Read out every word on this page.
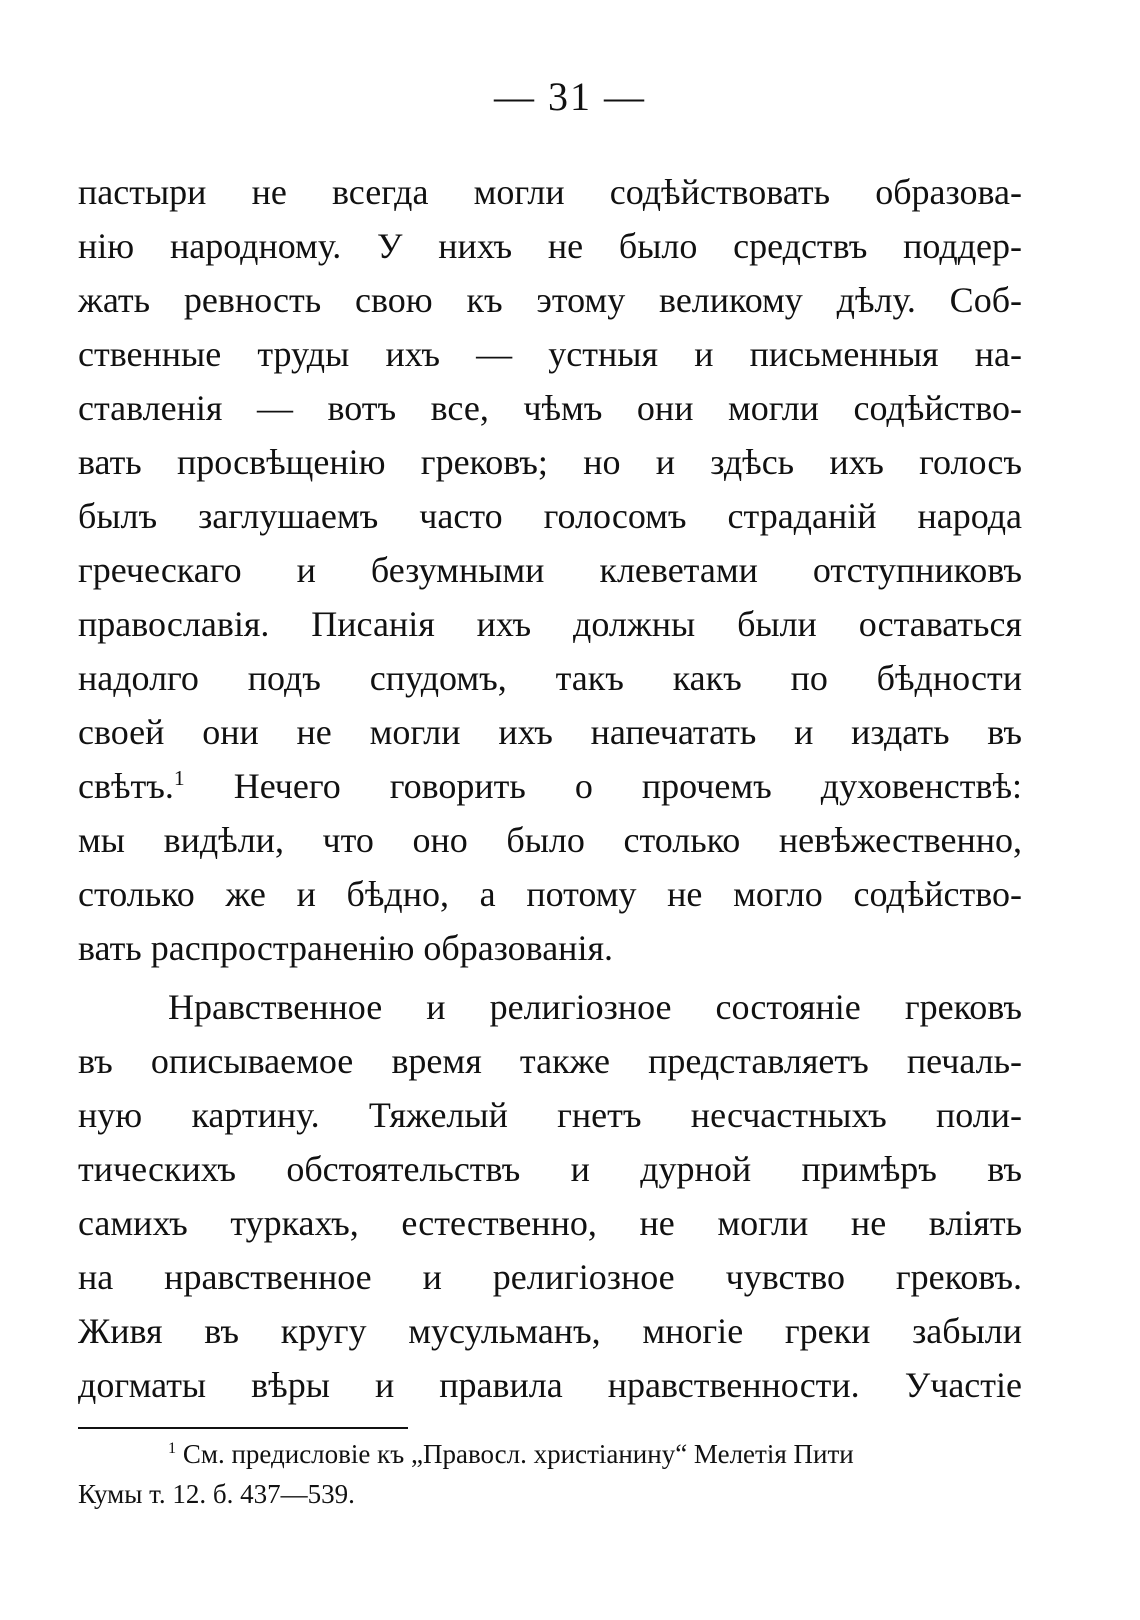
— 31 —
пастыри не всегда могли содѣйствовать образова-
нію народному. У нихъ не было средствъ поддер-
жать ревность свою къ этому великому дѣлу. Соб-
ственные труды ихъ — устныя и письменныя на-
ставленія — вотъ все, чѣмъ они могли содѣйство-
вать просвѣщенію грековъ; но и здѣсь ихъ голосъ
былъ заглушаемъ часто голосомъ страданій народа
греческаго и безумными клеветами отступниковъ
православія. Писанія ихъ должны были оставаться
надолго подъ спудомъ, такъ какъ по бѣдности
своей они не могли ихъ напечатать и издать въ
свѣтъ.$^1$ Нечего говорить о прочемъ духовенствѣ:
мы видѣли, что оно было столько невѣжественно,
столько же и бѣдно, а потому не могло содѣйство-
вать распространенію образованія.
Нравственное и религіозное состояніе грековъ
въ описываемое время также представляетъ печаль-
ную картину. Тяжелый гнетъ несчастныхъ поли-
тическихъ обстоятельствъ и дурной примѣръ въ
самихъ туркахъ, естественно, не могли не вліять
на нравственное и религіозное чувство грековъ.
Живя въ кругу мусульманъ, многіе греки забыли
догматы вѣры и правила нравственности. Участіе
$^1$ См. предисловіе къ „Правосл. христіанину“ Мелетія Пити
Кумы т. 12. б. 437—539.
